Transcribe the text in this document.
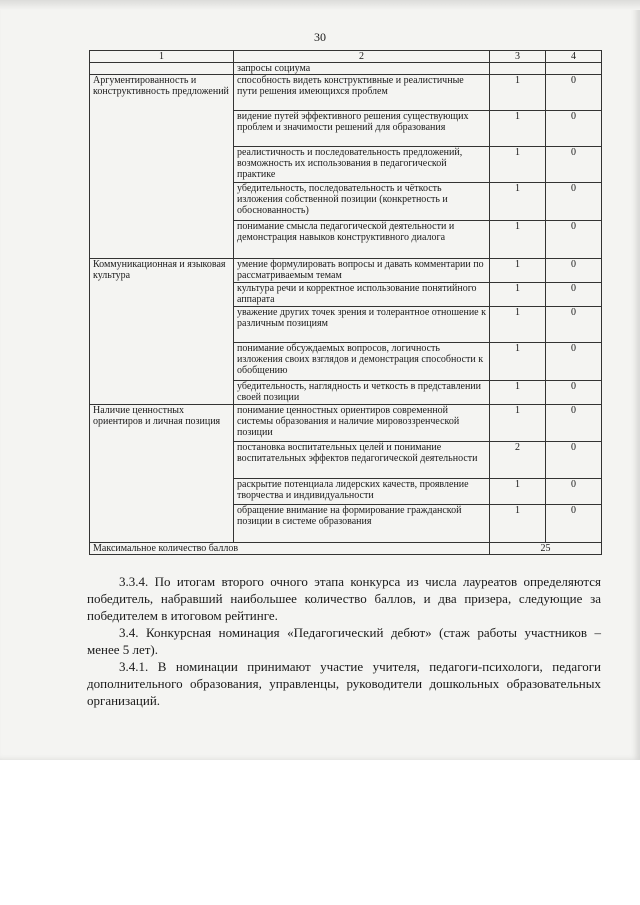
30
1	2	3	4
	запросы социума		
Аргументированность и конструктивность предложений	способность видеть конструктивные и реалистичные пути решения имеющихся проблем	1	0
	видение путей эффективного решения существующих проблем и значимости решений для образования	1	0
	реалистичность и последовательность предложений, возможность их использования в педагогической практике	1	0
	убедительность, последовательность и чёткость изложения собственной позиции (конкретность и обоснованность)	1	0
	понимание смысла педагогической деятельности и демонстрация навыков конструктивного диалога	1	0
Коммуникационная и языковая культура	умение формулировать вопросы и давать комментарии по рассматриваемым темам	1	0
	культура речи и корректное использование понятийного аппарата	1	0
	уважение других точек зрения и толерантное отношение к различным позициям	1	0
	понимание обсуждаемых вопросов, логичность изложения своих взглядов и демонстрация способности к обобщению	1	0
	убедительность, наглядность и четкость в представлении своей позиции	1	0
Наличие ценностных ориентиров и личная позиция	понимание ценностных ориентиров современной системы образования и наличие мировоззренческой позиции	1	0
	постановка воспитательных целей и понимание воспитательных эффектов педагогической деятельности	2	0
	раскрытие потенциала лидерских качеств, проявление творчества и индивидуальности	1	0
	обращение внимание на формирование гражданской позиции в системе образования	1	0
Максимальное количество баллов		25	

3.3.4. По итогам второго очного этапа конкурса из числа лауреатов определяются победитель, набравший наибольшее количество баллов, и два призера, следующие за победителем в итоговом рейтинге.

3.4. Конкурсная номинация «Педагогический дебют» (стаж работы участников – менее 5 лет).

3.4.1. В номинации принимают участие учителя, педагоги-психологи, педагоги дополнительного образования, управленцы, руководители дошкольных образовательных организаций.
